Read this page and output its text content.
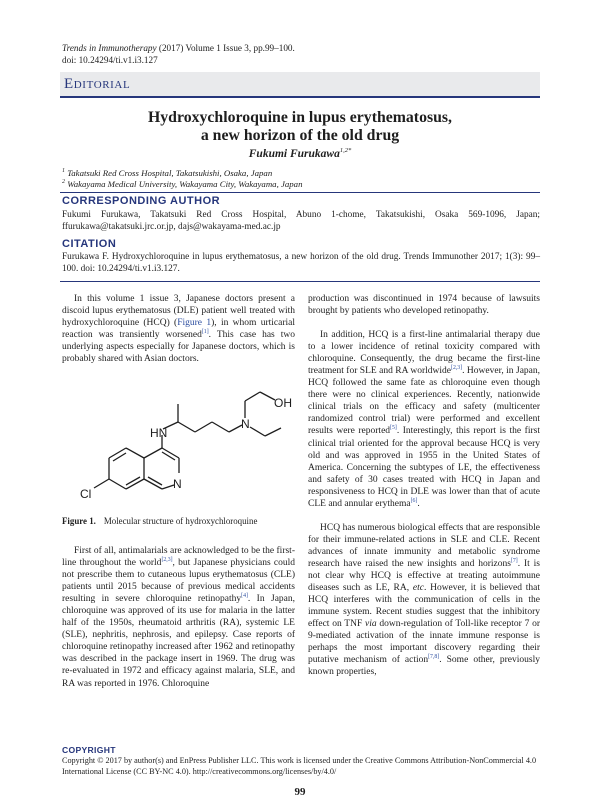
Trends in Immunotherapy (2017) Volume 1 Issue 3, pp.99–100.
doi: 10.24294/ti.v1.i3.127
Editorial
Hydroxychloroquine in lupus erythematosus,
a new horizon of the old drug
Fukumi Furukawa$^{1,2*}$
$^1$ Takatsuki Red Cross Hospital, Takatsukishi, Osaka, Japan
$^2$ Wakayama Medical University, Wakayama City, Wakayama, Japan
CORRESPONDING AUTHOR
Fukumi Furukawa, Takatsuki Red Cross Hospital, Abuno 1-chome, Takatsukishi, Osaka 569-1096, Japan; ffurukawa@takatsuki.jrc.or.jp, dajs@wakayama-med.ac.jp
CITATION
Furukawa F. Hydroxychloroquine in lupus erythematosus, a new horizon of the old drug. Trends Immunother 2017; 1(3): 99–100. doi: 10.24294/ti.v1.i3.127.

In this volume 1 issue 3, Japanese doctors present a discoid lupus erythematosus (DLE) patient well treated with hydroxychloroquine (HCQ) (Figure 1), in whom urticarial reaction was transiently worsened[1]. This case has two underlying aspects especially for Japanese doctors, which is probably shared with Asian doctors.

HN
N
OH
Cl
N
Figure 1. Molecular structure of hydroxychloroquine

First of all, antimalarials are acknowledged to be the first-line throughout the world[2,3], but Japanese physicians could not prescribe them to cutaneous lupus erythematosus (CLE) patients until 2015 because of previous medical accidents resulting in severe chloroquine retinopathy[4]. In Japan, chloroquine was approved of its use for malaria in the latter half of the 1950s, rheumatoid arthritis (RA), systemic LE (SLE), nephritis, nephrosis, and epilepsy. Case reports of chloroquine retinopathy increased after 1962 and retinopathy was described in the package insert in 1969. The drug was re-evaluated in 1972 and efficacy against malaria, SLE, and RA was reported in 1976. Chloroquine

production was discontinued in 1974 because of lawsuits brought by patients who developed retinopathy.

In addition, HCQ is a first-line antimalarial therapy due to a lower incidence of retinal toxicity compared with chloroquine. Consequently, the drug became the first-line treatment for SLE and RA worldwide[2,3]. However, in Japan, HCQ followed the same fate as chloroquine even though there were no clinical experiences. Recently, nationwide clinical trials on the efficacy and safety (multicenter randomized control trial) were performed and excellent results were reported[5]. Interestingly, this report is the first clinical trial oriented for the approval because HCQ is very old and was approved in 1955 in the United States of America. Concerning the subtypes of LE, the effectiveness and safety of 30 cases treated with HCQ in Japan and responsiveness to HCQ in DLE was lower than that of acute CLE and annular erythema[6].

HCQ has numerous biological effects that are responsible for their immune-related actions in SLE and CLE. Recent advances of innate immunity and metabolic syndrome research have raised the new insights and horizons[7]. It is not clear why HCQ is effective at treating autoimmune diseases such as LE, RA, etc. However, it is believed that HCQ interferes with the communication of cells in the immune system. Recent studies suggest that the inhibitory effect on TNF via down-regulation of Toll-like receptor 7 or 9-mediated activation of the innate immune response is perhaps the most important discovery regarding their putative mechanism of action[7,8]. Some other, previously known properties,

COPYRIGHT
Copyright © 2017 by author(s) and EnPress Publisher LLC. This work is licensed under the Creative Commons Attribution-NonCommercial 4.0 International License (CC BY-NC 4.0). http://creativecommons.org/licenses/by/4.0/
99
